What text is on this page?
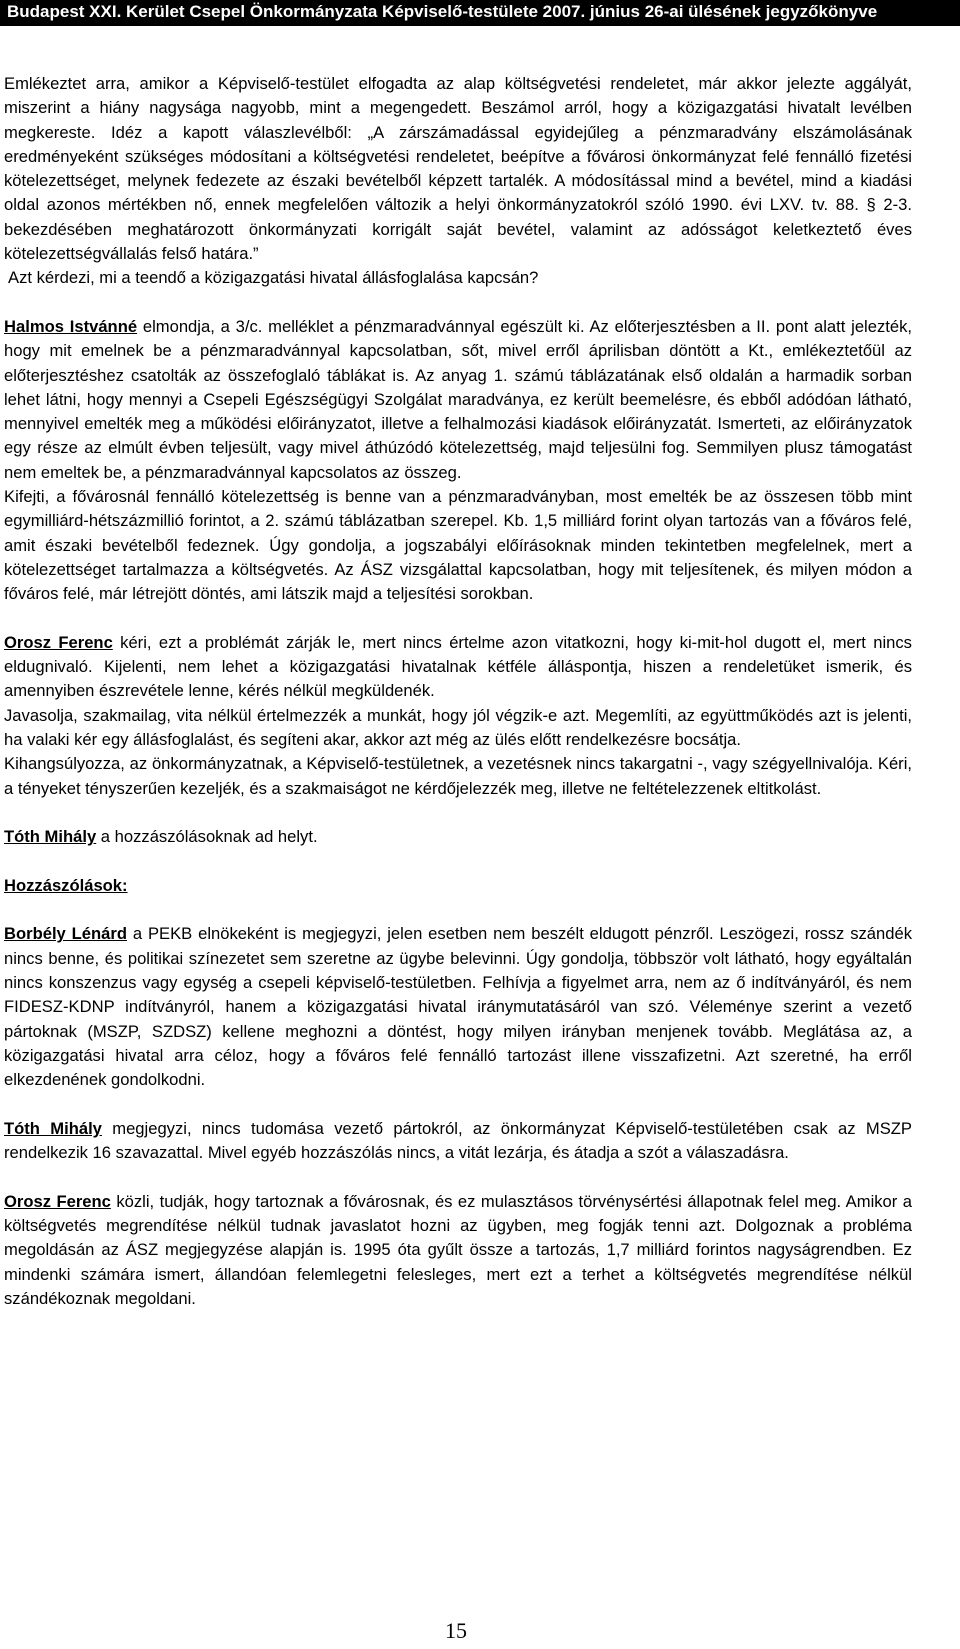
Budapest XXI. Kerület Csepel Önkormányzata Képviselő-testülete 2007. június 26-ai ülésének jegyzőkönyve

Emlékeztet arra, amikor a Képviselő-testület elfogadta az alap költségvetési rendeletet, már akkor jelezte aggályát, miszerint a hiány nagysága nagyobb, mint a megengedett. Beszámol arról, hogy a közigazgatási hivatalt levélben megkereste. Idéz a kapott válaszlevélből: „A zárszámadással egyidejűleg a pénzmaradvány elszámolásának eredményeként szükséges módosítani a költségvetési rendeletet, beépítve a fővárosi önkormányzat felé fennálló fizetési kötelezettséget, melynek fedezete az északi bevételből képzett tartalék. A módosítással mind a bevétel, mind a kiadási oldal azonos mértékben nő, ennek megfelelően változik a helyi önkormányzatokról szóló 1990. évi LXV. tv. 88. § 2-3. bekezdésében meghatározott önkormányzati korrigált saját bevétel, valamint az adósságot keletkeztető éves kötelezettségvállalás felső határa.”

Azt kérdezi, mi a teendő a közigazgatási hivatal állásfoglalása kapcsán?

Halmos Istvánné elmondja, a 3/c. melléklet a pénzmaradvánnyal egészült ki. Az előterjesztésben a II. pont alatt jelezték, hogy mit emelnek be a pénzmaradvánnyal kapcsolatban, sőt, mivel erről áprilisban döntött a Kt., emlékeztetőül az előterjesztéshez csatolták az összefoglaló táblákat is. Az anyag 1. számú táblázatának első oldalán a harmadik sorban lehet látni, hogy mennyi a Csepeli Egészségügyi Szolgálat maradványa, ez került beemelésre, és ebből adódóan látható, mennyivel emelték meg a működési előirányzatot, illetve a felhalmozási kiadások előirányzatát. Ismerteti, az előirányzatok egy része az elmúlt évben teljesült, vagy mivel áthúzódó kötelezettség, majd teljesülni fog. Semmilyen plusz támogatást nem emeltek be, a pénzmaradvánnyal kapcsolatos az összeg.

Kifejti, a fővárosnál fennálló kötelezettség is benne van a pénzmaradványban, most emelték be az összesen több mint egymilliárd-hétszázmillió forintot, a 2. számú táblázatban szerepel. Kb. 1,5 milliárd forint olyan tartozás van a főváros felé, amit északi bevételből fedeznek. Úgy gondolja, a jogszabályi előírásoknak minden tekintetben megfelelnek, mert a kötelezettséget tartalmazza a költségvetés. Az ÁSZ vizsgálattal kapcsolatban, hogy mit teljesítenek, és milyen módon a főváros felé, már létrejött döntés, ami látszik majd a teljesítési sorokban.

Orosz Ferenc kéri, ezt a problémát zárják le, mert nincs értelme azon vitatkozni, hogy ki-mit-hol dugott el, mert nincs eldugnivaló. Kijelenti, nem lehet a közigazgatási hivatalnak kétféle álláspontja, hiszen a rendeletüket ismerik, és amennyiben észrevétele lenne, kérés nélkül megküldenék.

Javasolja, szakmailag, vita nélkül értelmezzék a munkát, hogy jól végzik-e azt. Megemlíti, az együttműködés azt is jelenti, ha valaki kér egy állásfoglalást, és segíteni akar, akkor azt még az ülés előtt rendelkezésre bocsátja.

Kihangsúlyozza, az önkormányzatnak, a Képviselő-testületnek, a vezetésnek nincs takargatni -, vagy szégyellnivalója. Kéri, a tényeket tényszerűen kezeljék, és a szakmaiságot ne kérdőjelezzék meg, illetve ne feltételezzenek eltitkolást.

Tóth Mihály a hozzászólásoknak ad helyt.

Hozzászólások:

Borbély Lénárd a PEKB elnökeként is megjegyzi, jelen esetben nem beszélt eldugott pénzről. Leszögezi, rossz szándék nincs benne, és politikai színezetet sem szeretne az ügybe belevinni. Úgy gondolja, többször volt látható, hogy egyáltalán nincs konszenzus vagy egység a csepeli képviselő-testületben. Felhívja a figyelmet arra, nem az ő indítványáról, és nem FIDESZ-KDNP indítványról, hanem a közigazgatási hivatal iránymutatásáról van szó. Véleménye szerint a vezető pártoknak (MSZP, SZDSZ) kellene meghozni a döntést, hogy milyen irányban menjenek tovább. Meglátása az, a közigazgatási hivatal arra céloz, hogy a főváros felé fennálló tartozást illene visszafizetni. Azt szeretné, ha erről elkezdenének gondolkodni.

Tóth Mihály megjegyzi, nincs tudomása vezető pártokról, az önkormányzat Képviselő-testületében csak az MSZP rendelkezik 16 szavazattal. Mivel egyéb hozzászólás nincs, a vitát lezárja, és átadja a szót a válaszadásra.

Orosz Ferenc közli, tudják, hogy tartoznak a fővárosnak, és ez mulasztásos törvénysértési állapotnak felel meg. Amikor a költségvetés megrendítése nélkül tudnak javaslatot hozni az ügyben, meg fogják tenni azt. Dolgoznak a probléma megoldásán az ÁSZ megjegyzése alapján is. 1995 óta gyűlt össze a tartozás, 1,7 milliárd forintos nagyságrendben. Ez mindenki számára ismert, állandóan felemlegetni felesleges, mert ezt a terhet a költségvetés megrendítése nélkül szándékoznak megoldani.

15
